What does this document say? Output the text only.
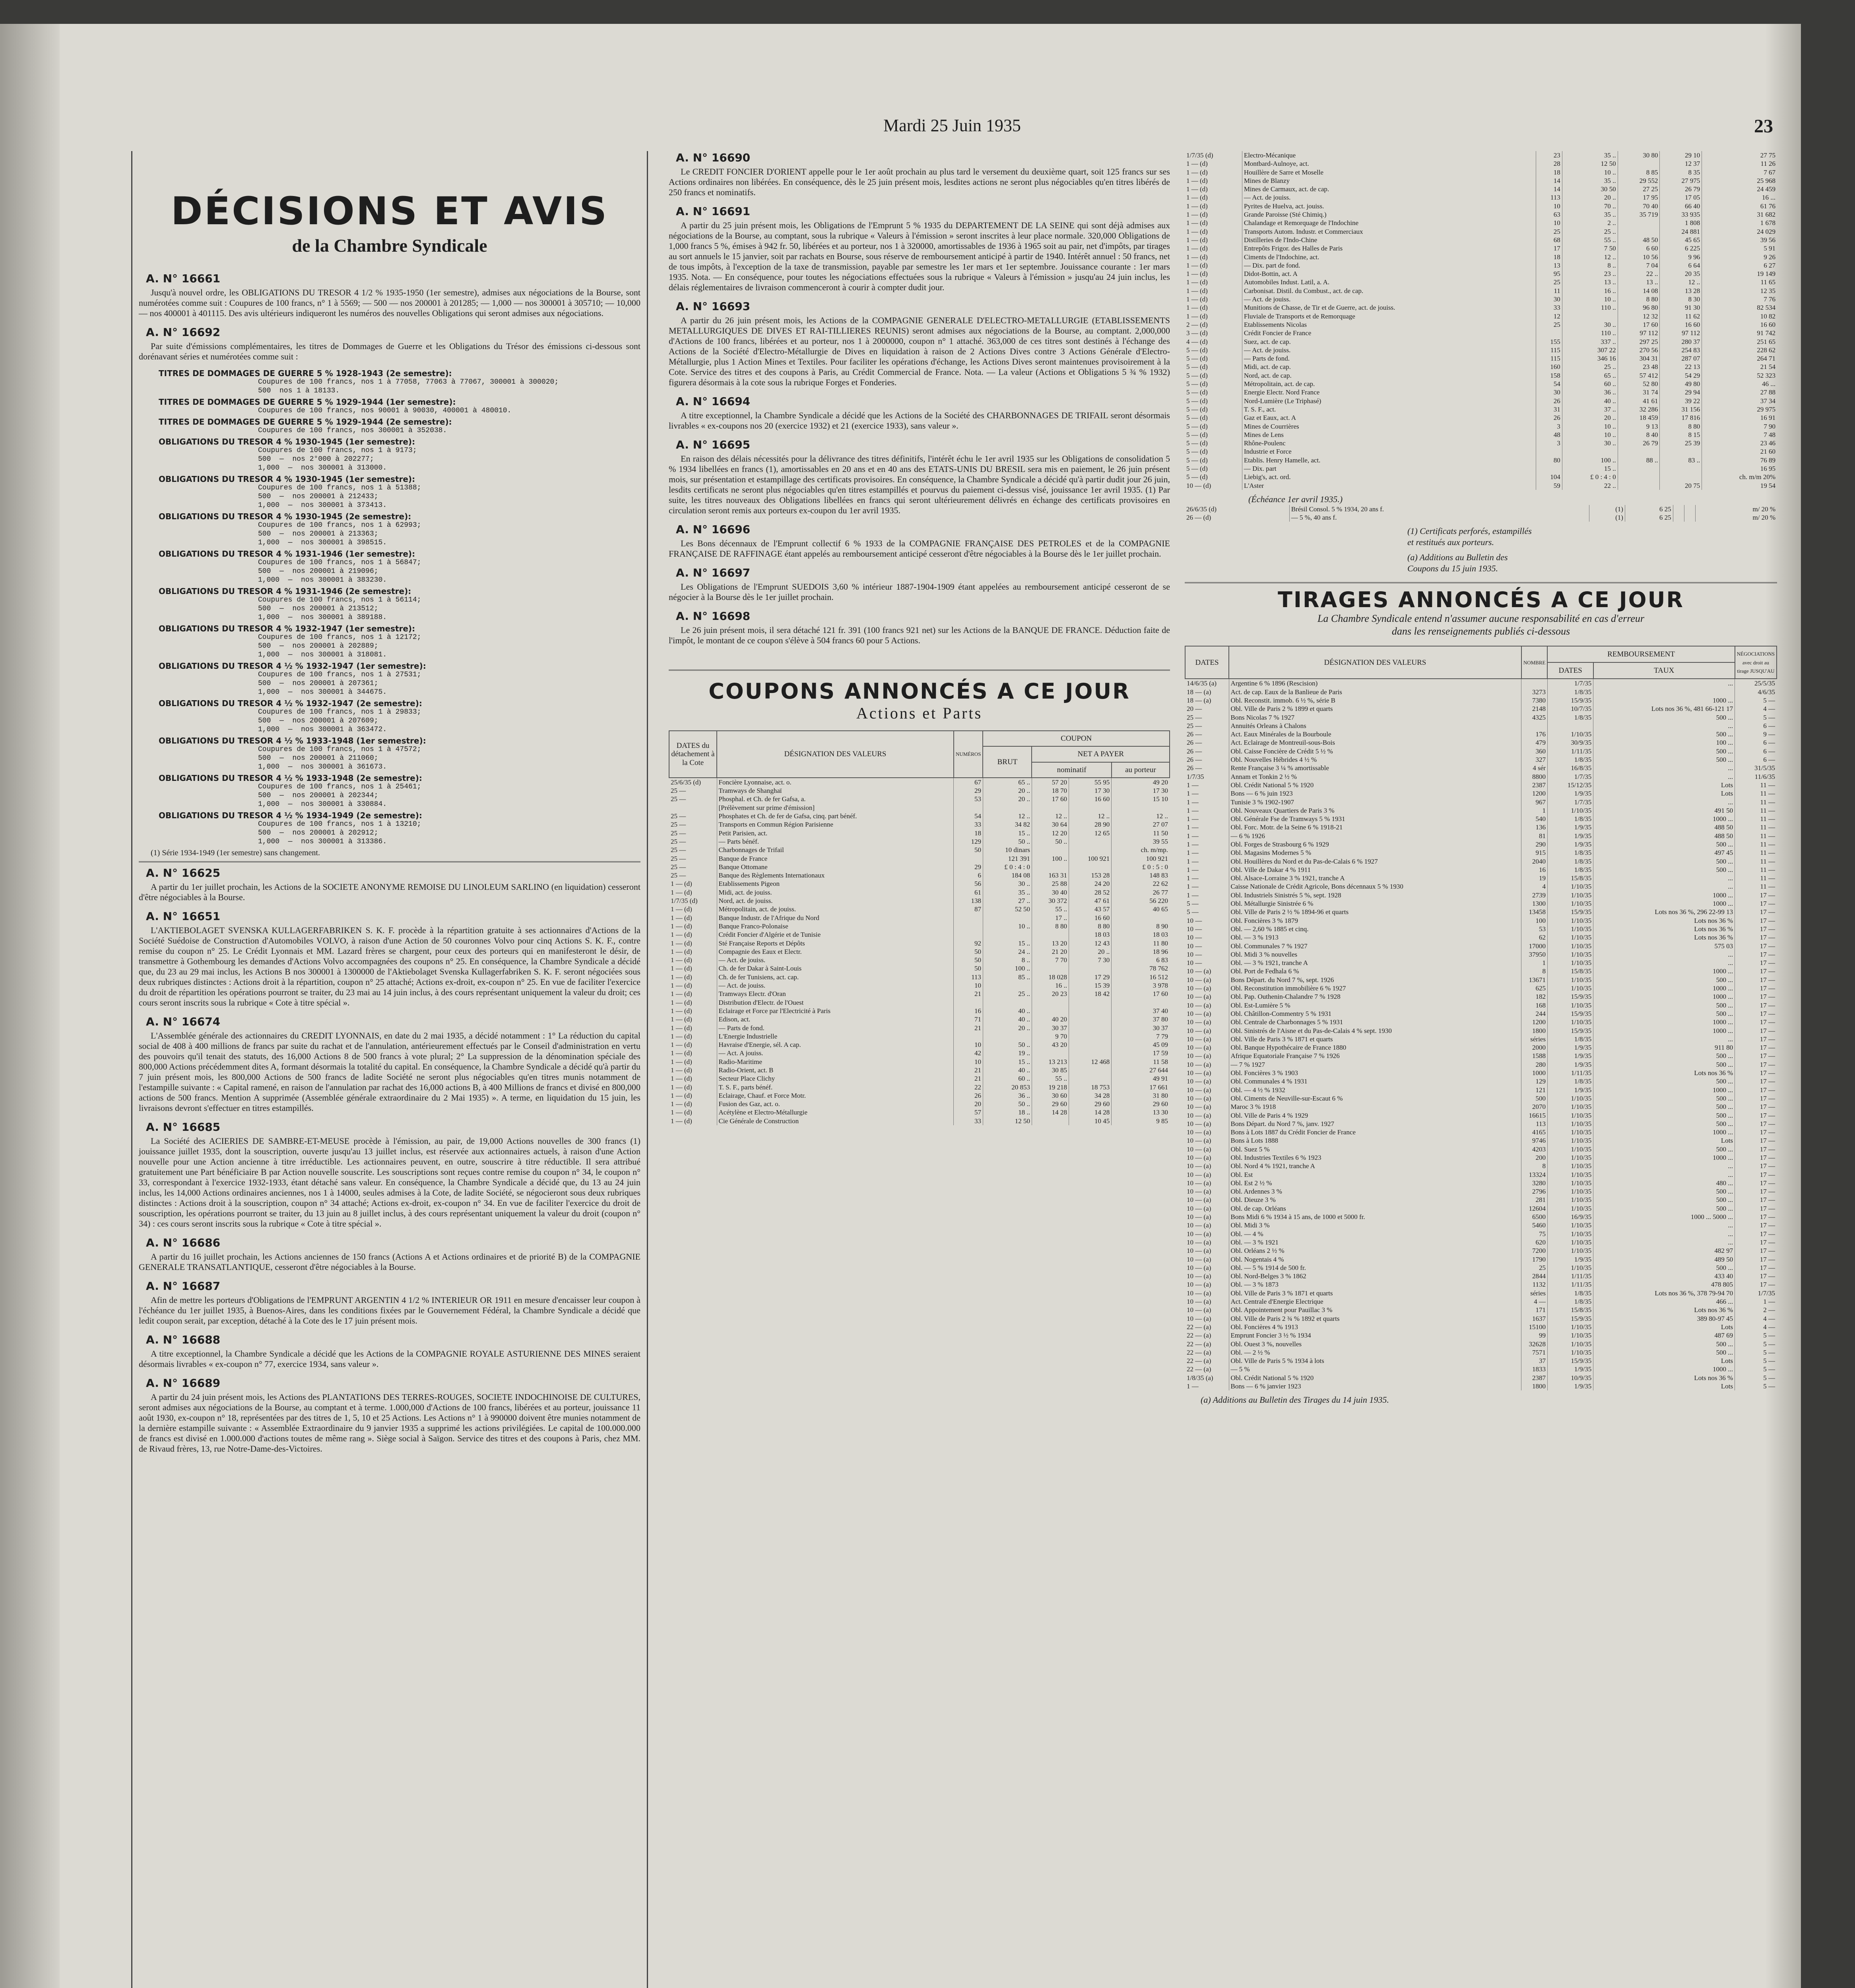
Mardi 25 Juin 1935	23
DÉCISIONS ET AVIS
de la Chambre Syndicale
A. N° 16661

Jusqu'à nouvel ordre, les OBLIGATIONS DU TRESOR 4 1/2 % 1935-1950 (1er semestre), admises aux négociations de la Bourse, sont numérotées comme suit : Coupures de 100 francs, n° 1 à 5569; — 500 — nos 200001 à 201285; — 1,000 — nos 300001 à 305710; — 10,000 — nos 400001 à 401115. Des avis ultérieurs indiqueront les numéros des nouvelles Obligations qui seront admises aux négociations.

A. N° 16692

Par suite d'émissions complémentaires, les titres de Dommages de Guerre et les Obligations du Trésor des émissions ci-dessous sont dorénavant séries et numérotées comme suit :

TITRES DE DOMMAGES DE GUERRE 5 % 1928-1943 (2e semestre):
Coupures de 100 francs, nos 1 à 77058, 77063 à 77067, 300001 à 300020;
500  nos 1 à 18133.
TITRES DE DOMMAGES DE GUERRE 5 % 1929-1944 (1er semestre):
Coupures de 100 francs, nos 90001 à 90030, 400001 à 480010.
TITRES DE DOMMAGES DE GUERRE 5 % 1929-1944 (2e semestre):
Coupures de 100 francs, nos 300001 à 352038.
OBLIGATIONS DU TRESOR 4 % 1930-1945 (1er semestre):
Coupures de 100 francs, nos 1 à 9173;
500  —  nos 2°000 à 202277;
1,000  —  nos 300001 à 313000.
OBLIGATIONS DU TRESOR 4 % 1930-1945 (1er semestre):
Coupures de 100 francs, nos 1 à 51388;
500  —  nos 200001 à 212433;
1,000  —  nos 300001 à 373413.
OBLIGATIONS DU TRESOR 4 % 1930-1945 (2e semestre):
Coupures de 100 francs, nos 1 à 62993;
500  —  nos 200001 à 213363;
1,000  —  nos 300001 à 398515.
OBLIGATIONS DU TRESOR 4 % 1931-1946 (1er semestre):
Coupures de 100 francs, nos 1 à 56847;
500  —  nos 200001 à 219096;
1,000  —  nos 300001 à 383230.
OBLIGATIONS DU TRESOR 4 % 1931-1946 (2e semestre):
Coupures de 100 francs, nos 1 à 56114;
500  —  nos 200001 à 213512;
1,000  —  nos 300001 à 389188.
OBLIGATIONS DU TRESOR 4 % 1932-1947 (1er semestre):
Coupures de 100 francs, nos 1 à 12172;
500  —  nos 200001 à 202889;
1,000  —  nos 300001 à 318081.
OBLIGATIONS DU TRESOR 4 ½ % 1932-1947 (1er semestre):
Coupures de 100 francs, nos 1 à 27531;
500  —  nos 200001 à 207361;
1,000  —  nos 300001 à 344675.
OBLIGATIONS DU TRESOR 4 ½ % 1932-1947 (2e semestre):
Coupures de 100 francs, nos 1 à 29833;
500  —  nos 200001 à 207609;
1,000  —  nos 300001 à 363472.
OBLIGATIONS DU TRESOR 4 ½ % 1933-1948 (1er semestre):
Coupures de 100 francs, nos 1 à 47572;
500  —  nos 200001 à 211060;
1,000  —  nos 300001 à 361673.
OBLIGATIONS DU TRESOR 4 ½ % 1933-1948 (2e semestre):
Coupures de 100 francs, nos 1 à 25461;
500  —  nos 200001 à 202344;
1,000  —  nos 300001 à 330884.
OBLIGATIONS DU TRESOR 4 ½ % 1934-1949 (2e semestre):
Coupures de 100 francs, nos 1 à 13210;
500  —  nos 200001 à 202912;
1,000  —  nos 300001 à 313386.
(1) Série 1934-1949 (1er semestre) sans changement.
A. N° 16625

A partir du 1er juillet prochain, les Actions de la SOCIETE ANONYME REMOISE DU LINOLEUM SARLINO (en liquidation) cesseront d'être négociables à la Bourse.

A. N° 16651

L'AKTIEBOLAGET SVENSKA KULLAGERFABRIKEN S. K. F. procède à la répartition gratuite à ses actionnaires d'Actions de la Société Suédoise de Construction d'Automobiles VOLVO, à raison d'une Action de 50 couronnes Volvo pour cinq Actions S. K. F., contre remise du coupon n° 25. Le Crédit Lyonnais et MM. Lazard frères se chargent, pour ceux des porteurs qui en manifesteront le désir, de transmettre à Gothembourg les demandes d'Actions Volvo accompagnées des coupons n° 25. En conséquence, la Chambre Syndicale a décidé que, du 23 au 29 mai inclus, les Actions B nos 300001 à 1300000 de l'Aktiebolaget Svenska Kullagerfabriken S. K. F. seront négociées sous deux rubriques distinctes : Actions droit à la répartition, coupon n° 25 attaché; Actions ex-droit, ex-coupon n° 25. En vue de faciliter l'exercice du droit de répartition les opérations pourront se traiter, du 23 mai au 14 juin inclus, à des cours représentant uniquement la valeur du droit; ces cours seront inscrits sous la rubrique « Cote à titre spécial ».

A. N° 16674

L'Assemblée générale des actionnaires du CREDIT LYONNAIS, en date du 2 mai 1935, a décidé notamment : 1° La réduction du capital social de 408 à 400 millions de francs par suite du rachat et de l'annulation, antérieurement effectués par le Conseil d'administration en vertu des pouvoirs qu'il tenait des statuts, des 16,000 Actions 8 de 500 francs à vote plural; 2° La suppression de la dénomination spéciale des 800,000 Actions précédemment dites A, formant désormais la totalité du capital. En conséquence, la Chambre Syndicale a décidé qu'à partir du 7 juin présent mois, les 800,000 Actions de 500 francs de ladite Société ne seront plus négociables qu'en titres munis notamment de l'estampille suivante : « Capital ramené, en raison de l'annulation par rachat des 16,000 actions B, à 400 Millions de francs et divisé en 800,000 actions de 500 francs. Mention A supprimée (Assemblée générale extraordinaire du 2 Mai 1935) ». A terme, en liquidation du 15 juin, les livraisons devront s'effectuer en titres estampillés.

A. N° 16685

La Société des ACIERIES DE SAMBRE-ET-MEUSE procède à l'émission, au pair, de 19,000 Actions nouvelles de 300 francs (1) jouissance juillet 1935, dont la souscription, ouverte jusqu'au 13 juillet inclus, est réservée aux actionnaires actuels, à raison d'une Action nouvelle pour une Action ancienne à titre irréductible. Les actionnaires peuvent, en outre, souscrire à titre réductible. Il sera attribué gratuitement une Part bénéficiaire B par Action nouvelle souscrite. Les souscriptions sont reçues contre remise du coupon n° 34, le coupon n° 33, correspondant à l'exercice 1932-1933, étant détaché sans valeur. En conséquence, la Chambre Syndicale a décidé que, du 13 au 24 juin inclus, les 14,000 Actions ordinaires anciennes, nos 1 à 14000, seules admises à la Cote, de ladite Société, se négocieront sous deux rubriques distinctes : Actions droit à la souscription, coupon n° 34 attaché; Actions ex-droit, ex-coupon n° 34. En vue de faciliter l'exercice du droit de souscription, les opérations pourront se traiter, du 13 juin au 8 juillet inclus, à des cours représentant uniquement la valeur du droit (coupon n° 34) : ces cours seront inscrits sous la rubrique « Cote à titre spécial ».

A. N° 16686

A partir du 16 juillet prochain, les Actions anciennes de 150 francs (Actions A et Actions ordinaires et de priorité B) de la COMPAGNIE GENERALE TRANSATLANTIQUE, cesseront d'être négociables à la Bourse.

A. N° 16687

Afin de mettre les porteurs d'Obligations de l'EMPRUNT ARGENTIN 4 1/2 % INTERIEUR OR 1911 en mesure d'encaisser leur coupon à l'échéance du 1er juillet 1935, à Buenos-Aires, dans les conditions fixées par le Gouvernement Fédéral, la Chambre Syndicale a décidé que ledit coupon serait, par exception, détaché à la Cote des le 17 juin présent mois.

A. N° 16688

A titre exceptionnel, la Chambre Syndicale a décidé que les Actions de la COMPAGNIE ROYALE ASTURIENNE DES MINES seraient désormais livrables « ex-coupon n° 77, exercice 1934, sans valeur ».

A. N° 16689

A partir du 24 juin présent mois, les Actions des PLANTATIONS DES TERRES-ROUGES, SOCIETE INDOCHINOISE DE CULTURES, seront admises aux négociations de la Bourse, au comptant et à terme. 1.000,000 d'Actions de 100 francs, libérées et au porteur, jouissance 11 août 1930, ex-coupon n° 18, représentées par des titres de 1, 5, 10 et 25 Actions. Les Actions n° 1 à 990000 doivent être munies notamment de la dernière estampille suivante : « Assemblée Extraordinaire du 9 janvier 1935 a supprimé les actions privilégiées. Le capital de 100.000.000 de francs est divisé en 1.000.000 d'actions toutes de même rang ». Siège social à Saïgon. Service des titres et des coupons à Paris, chez MM. de Rivaud frères, 13, rue Notre-Dame-des-Victoires.

A. N° 16690

Le CREDIT FONCIER D'ORIENT appelle pour le 1er août prochain au plus tard le versement du deuxième quart, soit 125 francs sur ses Actions ordinaires non libérées. En conséquence, dès le 25 juin présent mois, lesdites actions ne seront plus négociables qu'en titres libérés de 250 francs et nominatifs.

A. N° 16691

A partir du 25 juin présent mois, les Obligations de l'Emprunt 5 % 1935 du DEPARTEMENT DE LA SEINE qui sont déjà admises aux négociations de la Bourse, au comptant, sous la rubrique « Valeurs à l'émission » seront inscrites à leur place normale. 320,000 Obligations de 1,000 francs 5 %, émises à 942 fr. 50, libérées et au porteur, nos 1 à 320000, amortissables de 1936 à 1965 soit au pair, net d'impôts, par tirages au sort annuels le 15 janvier, soit par rachats en Bourse, sous réserve de remboursement anticipé à partir de 1940. Intérêt annuel : 50 francs, net de tous impôts, à l'exception de la taxe de transmission, payable par semestre les 1er mars et 1er septembre. Jouissance courante : 1er mars 1935. Nota. — En conséquence, pour toutes les négociations effectuées sous la rubrique « Valeurs à l'émission » jusqu'au 24 juin inclus, les délais réglementaires de livraison commenceront à courir à compter dudit jour.

A. N° 16693

A partir du 26 juin présent mois, les Actions de la COMPAGNIE GENERALE D'ELECTRO-METALLURGIE (ETABLISSEMENTS METALLURGIQUES DE DIVES ET RAI-TILLIERES REUNIS) seront admises aux négociations de la Bourse, au comptant. 2,000,000 d'Actions de 100 francs, libérées et au porteur, nos 1 à 2000000, coupon n° 1 attaché. 363,000 de ces titres sont destinés à l'échange des Actions de la Société d'Electro-Métallurgie de Dives en liquidation à raison de 2 Actions Dives contre 3 Actions Générale d'Electro-Métallurgie, plus 1 Action Mines et Textiles. Pour faciliter les opérations d'échange, les Actions Dives seront maintenues provisoirement à la Cote. Service des titres et des coupons à Paris, au Crédit Commercial de France. Nota. — La valeur (Actions et Obligations 5 ¾ % 1932) figurera désormais à la cote sous la rubrique Forges et Fonderies.

A. N° 16694

A titre exceptionnel, la Chambre Syndicale a décidé que les Actions de la Société des CHARBONNAGES DE TRIFAIL seront désormais livrables « ex-coupons nos 20 (exercice 1932) et 21 (exercice 1933), sans valeur ».

A. N° 16695

En raison des délais nécessités pour la délivrance des titres définitifs, l'intérêt échu le 1er avril 1935 sur les Obligations de consolidation 5 % 1934 libellées en francs (1), amortissables en 20 ans et en 40 ans des ETATS-UNIS DU BRESIL sera mis en paiement, le 26 juin présent mois, sur présentation et estampillage des certificats provisoires. En conséquence, la Chambre Syndicale a décidé qu'à partir dudit jour 26 juin, lesdits certificats ne seront plus négociables qu'en titres estampillés et pourvus du paiement ci-dessus visé, jouissance 1er avril 1935. (1) Par suite, les titres nouveaux des Obligations libellées en francs qui seront ultérieurement délivrés en échange des certificats provisoires en circulation seront remis aux porteurs ex-coupon du 1er avril 1935.

A. N° 16696

Les Bons décennaux de l'Emprunt collectif 6 % 1933 de la COMPAGNIE FRANÇAISE DES PETROLES et de la COMPAGNIE FRANÇAISE DE RAFFINAGE étant appelés au remboursement anticipé cesseront d'être négociables à la Bourse dès le 1er juillet prochain.

A. N° 16697

Les Obligations de l'Emprunt SUEDOIS 3,60 % intérieur 1887-1904-1909 étant appelées au remboursement anticipé cesseront de se négocier à la Bourse dès le 1er juillet prochain.

A. N° 16698

Le 26 juin présent mois, il sera détaché 121 fr. 391 (100 francs 921 net) sur les Actions de la BANQUE DE FRANCE. Déduction faite de l'impôt, le montant de ce coupon s'élève à 504 francs 60 pour 5 Actions.

COUPONS ANNONCÉS A CE JOUR
Actions et Parts
DATES du détachement à la Cote	DÉSIGNATION DES VALEURS	NUMÉROS	COUPON			
			BRUT	NET A PAYER		
				nominatif		au porteur
25/6/35 (d)	Foncière Lyonnaise, act. o.	67	65 ..	57 20	55 95	49 20
25 —	Tramways de Shanghaï	29	20 ..	18 70	17 30	17 30
25 —	Phosphal. et Ch. de fer Gafsa, a.	53	20 ..	17 60	16 60	15 10
	[Prélèvement sur prime d'émission]					
25 —	Phosphates et Ch. de fer de Gafsa, cinq. part bénéf.	54	12 ..	12 ..	12 ..	12 ..
25 —	Transports en Commun Région Parisienne	33	34 82	30 64	28 90	27 07
25 —	Petit Parisien, act.	18	15 ..	12 20	12 65	11 50
25 —	— Parts bénéf.	129	50 ..	50 ..		39 55
25 —	Charbonnages de Trifail	50	10 dinars			ch. m/mp.
25 —	Banque de France		121 391	100 ..	100 921	100 921
25 —	Banque Ottomane	29	£ 0 : 4 : 0			£ 0 : 5 : 0
25 —	Banque des Règlements Internationaux	6	184 08	163 31	153 28	148 83
1 — (d)	Etablissements Pigeon	56	30 ..	25 88	24 20	22 62
1 — (d)	Midi, act. de jouiss.	61	35 ..	30 40	28 52	26 77
1/7/35 (d)	Nord, act. de jouiss.	138	27 ..	30 372	47 61	56 220
1 — (d)	Métropolitain, act. de jouiss.	87	52 50	55 ..	43 57	40 65
1 — (d)	Banque Industr. de l'Afrique du Nord			17 ..	16 60	
1 — (d)	Banque Franco-Polonaise		10 ..	8 80	8 80	8 90
1 — (d)	Crédit Foncier d'Algérie et de Tunisie				18 03	18 03
1 — (d)	Sté Française Reports et Dépôts	92	15 ..	13 20	12 43	11 80
1 — (d)	Compagnie des Eaux et Electr.	50	24 ..	21 20	20 ..	18 96
1 — (d)	— Act. de jouiss.	50	8 ..	7 70	7 30	6 83
1 — (d)	Ch. de fer Dakar à Saint-Louis	50	100 ..			78 762
1 — (d)	Ch. de fer Tunisiens, act. cap.	113	85 ..	18 028	17 29	16 512
1 — (d)	— Act. de jouiss.	10		16 ..	15 39	3 978
1 — (d)	Tramways Electr. d'Oran	21	25 ..	20 23	18 42	17 60
1 — (d)	Distribution d'Electr. de l'Ouest					
1 — (d)	Eclairage et Force par l'Electricité à Paris	16	40 ..			37 40
1 — (d)	Edison, act.	71	40 ..	40 20		37 80
1 — (d)	— Parts de fond.	21	20 ..	30 37		30 37
1 — (d)	L'Energie Industrielle			9 70		7 79
1 — (d)	Havraise d'Energie, sél. A cap.	10	50 ..	43 20		45 09
1 — (d)	— Act. A jouiss.	42	19 ..			17 59
1 — (d)	Radio-Maritime	10	15 ..	13 213	12 468	11 58
1 — (d)	Radio-Orient, act. B	21	40 ..	30 85		27 644
1 — (d)	Secteur Place Clichy	21	60 ..	55 ..		49 91
1 — (d)	T. S. F., parts bénéf.	22	20 853	19 218	18 753	17 661
1 — (d)	Eclairage, Chauf. et Force Motr.	26	36 ..	30 60	34 28	31 80
1 — (d)	Fusion des Gaz, act. o.	20	50 ..	29 60	29 60	29 60
1 — (d)	Acétylène et Electro-Métallurgie	57	18 ..	14 28	14 28	13 30
1 — (d)	Cie Générale de Construction	33	12 50		10 45	9 85
1/7/35 (d)	Electro-Mécanique	23	35 ..	30 80	29 10	27 75
1 — (d)	Montbard-Aulnoye, act.	28	12 50		12 37	11 26
1 — (d)	Houillère de Sarre et Moselle	18	10 ..	8 85	8 35	7 67
1 — (d)	Mines de Blanzy	14	35 ..	29 552	27 975	25 968
1 — (d)	Mines de Carmaux, act. de cap.	14	30 50	27 25	26 79	24 459
1 — (d)	— Act. de jouiss.	113	20 ..	17 95	17 05	16 ...
1 — (d)	Pyrites de Huelva, act. jouiss.	10	70 ..	70 40	66 40	61 76
1 — (d)	Grande Paroisse (Sté Chimiq.)	63	35 ..	35 719	33 935	31 682
1 — (d)	Chalandage et Remorquage de l'Indochine	10	2 ..		1 808	1 678
1 — (d)	Transports Autom. Industr. et Commerciaux	25	25 ..		24 881	24 029
1 — (d)	Distilleries de l'Indo-Chine	68	55 ..	48 50	45 65	39 56
1 — (d)	Entrepôts Frigor. des Halles de Paris	17	7 50	6 60	6 225	5 91
1 — (d)	Ciments de l'Indochine, act.	18	12 ..	10 56	9 96	9 26
1 — (d)	— Dix. part de fond.	13	8 ..	7 04	6 64	6 27
1 — (d)	Didot-Bottin, act. A	95	23 ..	22 ..	20 35	19 149
1 — (d)	Automobiles Indust. Latil, a. A.	25	13 ..	13 ..	12 ..	11 65
1 — (d)	Carbonisat. Distil. du Combust., act. de cap.	11	16 ..	14 08	13 28	12 35
1 — (d)	— Act. de jouiss.	30	10 ..	8 80	8 30	7 76
1 — (d)	Munitions de Chasse, de Tir et de Guerre, act. de jouiss.	33	110 ..	96 80	91 30	82 534
1 — (d)	Fluviale de Transports et de Remorquage	12		12 32	11 62	10 82
2 — (d)	Etablissements Nicolas	25	30 ..	17 60	16 60	16 60
3 — (d)	Crédit Foncier de France		110 ..	97 112	97 112	91 742
4 — (d)	Suez, act. de cap.	155	337 ..	297 25	280 37	251 65
5 — (d)	— Act. de jouiss.	115	307 22	270 56	254 83	228 62
5 — (d)	— Parts de fond.	115	346 16	304 31	287 07	264 71
5 — (d)	Midi, act. de cap.	160	25 ..	23 48	22 13	21 54
5 — (d)	Nord, act. de cap.	158	65 ..	57 412	54 29	52 323
5 — (d)	Métropolitain, act. de cap.	54	60 ..	52 80	49 80	46 ...
5 — (d)	Energie Electr. Nord France	30	36 ..	31 74	29 94	27 88
5 — (d)	Nord-Lumière (Le Triphasé)	26	40 ..	41 61	39 22	37 34
5 — (d)	T. S. F., act.	31	37 ..	32 286	31 156	29 975
5 — (d)	Gaz et Eaux, act. A	26	20 ..	18 459	17 816	16 91
5 — (d)	Mines de Courrières	3	10 ..	9 13	8 80	7 90
5 — (d)	Mines de Lens	48	10 ..	8 40	8 15	7 48
5 — (d)	Rhône-Poulenc	3	30 ..	26 79	25 39	23 46
5 — (d)	Industrie et Force					21 60
5 — (d)	Etablis. Henry Hamelle, act.	80	100 ..	88 ..	83 ..	76 89
5 — (d)	— Dix. part		15 ..			16 95
5 — (d)	Liebig's, act. ord.	104	£ 0 : 4 : 0			ch. m/m 20%
10 — (d)	L'Aster	59	22 ..		20 75	19 54
(Échéance 1er avril 1935.)
26/6/35 (d)	Brésil Consol. 5 % 1934, 20 ans f.	(1)	6 25			m/ 20 %
26 — (d)	— 5 %, 40 ans f.	(1)	6 25			m/ 20 %
(1) Certificats perforés, estampillés et restitués aux porteurs.
(a) Additions au Bulletin des Coupons du 15 juin 1935.
TIRAGES ANNONCÉS A CE JOUR
La Chambre Syndicale entend n'assumer aucune responsabilité en cas d'erreur
dans les renseignements publiés ci-dessous
DATES	DÉSIGNATION DES VALEURS	NOMBRE	REMBOURSEMENT		NÉGOCIATIONS avec droit au tirage JUSQU'AU
			DATES	TAUX	
14/6/35 (a)	Argentine 6 % 1896 (Rescision)		1/7/35	...	25/5/35
18 — (a)	Act. de cap. Eaux de la Banlieue de Paris	3273	1/8/35		4/6/35
18 — (a)	Obl. Reconstit. immob. 6 ½ %, série B	7380	15/9/35	1000 ...	5 —
20 —	Obl. Ville de Paris 2 % 1899 et quarts	2148	10/7/35	Lots nos 36 %, 481 66-121 17	4 —
25 —	Bons Nicolas 7 % 1927	4325	1/8/35	500 ...	5 —
25 —	Annuités Orleans à Chalons			...	6 —
26 —	Act. Eaux Minérales de la Bourboule	176	1/10/35	500 ...	9 —
26 —	Act. Eclairage de Montreuil-sous-Bois	479	30/9/35	100 ...	6 —
26 —	Obl. Caisse Foncière de Crédit 5 ½ %	360	1/11/35	500 ...	6 —
26 —	Obl. Nouvelles Hébrides 4 ½ %	327	1/8/35	500 ...	6 —
26 —	Rente Française 3 ¼ % amortissable	4 sér	16/8/35	...	31/5/35
1/7/35	Annam et Tonkin 2 ½ %	8800	1/7/35	...	11/6/35
1 —	Obl. Crédit National 5 % 1920	2387	15/12/35	Lots	11 —
1 —	Bons — 6 % juin 1923	1200	1/9/35	Lots	11 —
1 —	Tunisie 3 % 1902-1907	967	1/7/35	...	11 —
1 —	Obl. Nouveaux Quartiers de Paris 3 %	1	1/10/35	491 50	11 —
1 —	Obl. Générale Fse de Tramways 5 % 1931	540	1/8/35	1000 ...	11 —
1 —	Obl. Forc. Motr. de la Seine 6 % 1918-21	136	1/9/35	488 50	11 —
1 —	— 6 % 1926	81	1/9/35	488 50	11 —
1 —	Obl. Forges de Strasbourg 6 % 1929	290	1/9/35	500 ...	11 —
1 —	Obl. Magasins Modernes 5 %	915	1/8/35	497 45	11 —
1 —	Obl. Houillères du Nord et du Pas-de-Calais 6 % 1927	2040	1/8/35	500 ...	11 —
1 —	Obl. Ville de Dakar 4 % 1911	16	1/8/35	500 ...	11 —
1 —	Obl. Alsace-Lorraine 3 % 1921, tranche A	19	15/8/35	...	11 —
1 —	Caisse Nationale de Crédit Agricole, Bons décennaux 5 % 1930	4	1/10/35	...	11 —
1 —	Obl. Industriels Sinistrés 5 %, sept. 1928	2739	1/10/35	1000 ...	17 —
5 —	Obl. Métallurgie Sinistrée 6 %	1300	1/10/35	1000 ...	17 —
5 —	Obl. Ville de Paris 2 ½ % 1894-96 et quarts	13458	15/9/35	Lots nos 36 %, 296 22-99 13	17 —
10 —	Obl. Foncières 3 % 1879	100	1/10/35	Lots nos 36 %	17 —
10 —	Obl. — 2,60 % 1885 et cinq.	53	1/10/35	Lots nos 36 %	17 —
10 —	Obl. — 3 % 1913	62	1/10/35	Lots nos 36 %	17 —
10 —	Obl. Communales 7 % 1927	17000	1/10/35	575 03	17 —
10 —	Obl. Midi 3 % nouvelles	37950	1/10/35	...	17 —
10 —	Obl. — 3 % 1921, tranche A	1	1/10/35	...	17 —
10 — (a)	Obl. Port de Fedhala 6 %	8	15/8/35	1000 ...	17 —
10 — (a)	Bons Départ. du Nord 7 %, sept. 1926	13671	1/10/35	500 ...	17 —
10 — (a)	Obl. Reconstitution immobilière 6 % 1927	625	1/10/35	1000 ...	17 —
10 — (a)	Obl. Pap. Outhenin-Chalandre 7 % 1928	182	15/9/35	1000 ...	17 —
10 — (a)	Obl. Est-Lumière 5 %	168	1/10/35	500 ...	17 —
10 — (a)	Obl. Châtillon-Commentry 5 % 1931	244	15/9/35	500 ...	17 —
10 — (a)	Obl. Centrale de Charbonnages 5 % 1931	1200	1/10/35	1000 ...	17 —
10 — (a)	Obl. Sinistrés de l'Aisne et du Pas-de-Calais 4 % sept. 1930	1800	15/9/35	1000 ...	17 —
10 — (a)	Obl. Ville de Paris 3 % 1871 et quarts	séries	1/8/35	...	17 —
10 — (a)	Obl. Banque Hypothécaire de France 1880	2000	1/9/35	911 80	17 —
10 — (a)	Afrique Equatoriale Française 7 % 1926	1588	1/9/35	500 ...	17 —
10 — (a)	— 7 % 1927	280	1/9/35	500 ...	17 —
10 — (a)	Obl. Foncières 3 % 1903	1000	1/11/35	Lots nos 36 %	17 —
10 — (a)	Obl. Communales 4 % 1931	129	1/8/35	500 ...	17 —
10 — (a)	Obl. — 4 ½ % 1932	121	1/9/35	1000 ...	17 —
10 — (a)	Obl. Ciments de Neuville-sur-Escaut 6 %	500	1/10/35	500 ...	17 —
10 — (a)	Maroc 3 % 1918	2070	1/10/35	500 ...	17 —
10 — (a)	Obl. Ville de Paris 4 % 1929	16615	1/10/35	500 ...	17 —
10 — (a)	Bons Départ. du Nord 7 %, janv. 1927	113	1/10/35	500 ...	17 —
10 — (a)	Bons à Lots 1887 du Crédit Foncier de France	4165	1/10/35	1000 ...	17 —
10 — (a)	Bons à Lots 1888	9746	1/10/35	Lots	17 —
10 — (a)	Obl. Suez 5 %	4203	1/10/35	500 ...	17 —
10 — (a)	Obl. Industries Textiles 6 % 1923	200	1/10/35	1000 ...	17 —
10 — (a)	Obl. Nord 4 % 1921, tranche A	8	1/10/35	...	17 —
10 — (a)	Obl. Est	13324	1/10/35	...	17 —
10 — (a)	Obl. Est 2 ½ %	3280	1/10/35	480 ...	17 —
10 — (a)	Obl. Ardennes 3 %	2796	1/10/35	500 ...	17 —
10 — (a)	Obl. Dieuze 3 %	281	1/10/35	500 ...	17 —
10 — (a)	Obl. de cap. Orléans	12604	1/10/35	500 ...	17 —
10 — (a)	Bons Midi 6 % 1934 à 15 ans, de 1000 et 5000 fr.	6500	16/9/35	1000 ... 5000 ...	17 —
10 — (a)	Obl. Midi 3 %	5460	1/10/35	...	17 —
10 — (a)	Obl. — 4 %	75	1/10/35	...	17 —
10 — (a)	Obl. — 3 % 1921	620	1/10/35	...	17 —
10 — (a)	Obl. Orléans 2 ½ %	7200	1/10/35	482 97	17 —
10 — (a)	Obl. Nogentais 4 %	1790	1/9/35	489 50	17 —
10 — (a)	Obl. — 5 % 1914 de 500 fr.	25	1/10/35	500 ...	17 —
10 — (a)	Obl. Nord-Belges 3 % 1862	2844	1/11/35	433 40	17 —
10 — (a)	Obl. — 3 % 1873	1132	1/11/35	478 805	17 —
10 — (a)	Obl. Ville de Paris 3 % 1871 et quarts	séries	1/8/35	Lots nos 36 %, 378 79-94 70	1/7/35
10 — (a)	Act. Centrale d'Energie Electrique	4 —	1/8/35	466 ...	1 —
10 — (a)	Obl. Appointement pour Pauillac 3 %	171	15/8/35	Lots nos 36 %	2 —
10 — (a)	Obl. Ville de Paris 2 ¾ % 1892 et quarts	1637	15/9/35	389 80-97 45	4 —
22 — (a)	Obl. Foncières 4 % 1913	15100	1/10/35	Lots	4 —
22 — (a)	Emprunt Foncier 3 ½ % 1934	99	1/10/35	487 69	5 —
22 — (a)	Obl. Ouest 3 %, nouvelles	32628	1/10/35	500 ...	5 —
22 — (a)	Obl. — 2 ½ %	7571	1/10/35	500 ...	5 —
22 — (a)	Obl. Ville de Paris 5 % 1934 à lots	37	15/9/35	Lots	5 —
22 — (a)	— 5 %	1833	1/9/35	1000 ...	5 —
1/8/35 (a)	Obl. Crédit National 5 % 1920	2387	10/9/35	Lots nos 36 %	5 —
1 —	Bons — 6 % janvier 1923	1800	1/9/35	Lots	5 —
(a) Additions au Bulletin des Tirages du 14 juin 1935.
